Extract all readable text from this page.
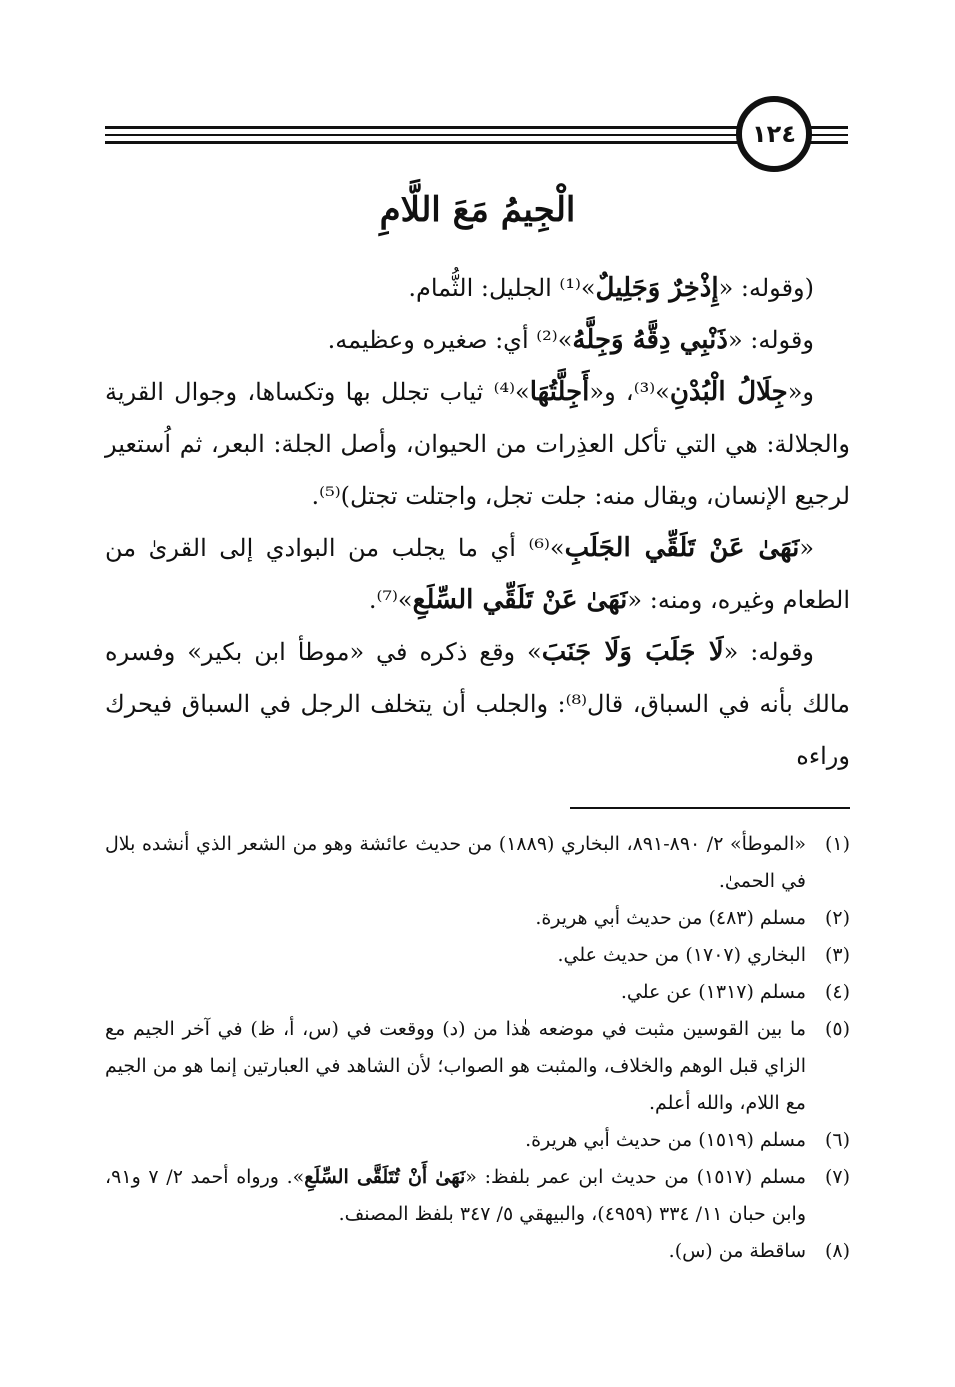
١٢٤
الْجِيمُ مَعَ اللَّامِ

(وقوله: «إِذْخِرٌ وَجَلِيلٌ»⁽¹⁾ الجليل: الثُّمام.

وقوله: «ذَنْبِي دِقَّهُ وَجِلَّهُ»⁽²⁾ أي: صغيره وعظيمه.

و«جِلَالُ الْبُدْنِ»⁽³⁾، و«أَجِلَّتُهَا»⁽⁴⁾ ثياب تجلل بها وتكساها، وجوال القرية والجلالة: هي التي تأكل العذِرات من الحيوان، وأصل الجلة: البعر، ثم اُستعير لرجيع الإنسان، ويقال منه: جلت تجل، واجتلت تجتل)⁽⁵⁾.

«نَهَىٰ عَنْ تَلَقِّي الجَلَبِ»⁽⁶⁾ أي ما يجلب من البوادي إلى القرىٰ من الطعام وغيره، ومنه: «نَهَىٰ عَنْ تَلَقِّي السِّلَعِ»⁽⁷⁾.

وقوله: «لَا جَلَبَ وَلَا جَنَبَ» وقع ذكره في «موطأ ابن بكير» وفسره مالك بأنه في السباق، قال⁽⁸⁾: والجلب أن يتخلف الرجل في السباق فيحرك وراءه

(١)
«الموطأ» ٢/ ٨٩٠-٨٩١، البخاري (١٨٨٩) من حديث عائشة وهو من الشعر الذي أنشده بلال في الحمىٰ.
(٢)
مسلم (٤٨٣) من حديث أبي هريرة.
(٣)
البخاري (١٧٠٧) من حديث علي.
(٤)
مسلم (١٣١٧) عن علي.
(٥)
ما بين القوسين مثبت في موضعه هٰذا من (د) ووقعت في (س، أ، ظ) في آخر الجيم مع الزاي قبل الوهم والخلاف، والمثبت هو الصواب؛ لأن الشاهد في العبارتين إنما هو من الجيم مع اللام، والله أعلم.
(٦)
مسلم (١٥١٩) من حديث أبي هريرة.
(٧)
مسلم (١٥١٧) من حديث ابن عمر بلفظ: «نَهَىٰ أَنْ تُتَلَقَّى السِّلَعِ». ورواه أحمد ٢/ ٧ و٩١، وابن حبان ١١/ ٣٣٤ (٤٩٥٩)، والبيهقي ٥/ ٣٤٧ بلفظ المصنف.
(٨)
ساقطة من (س).
